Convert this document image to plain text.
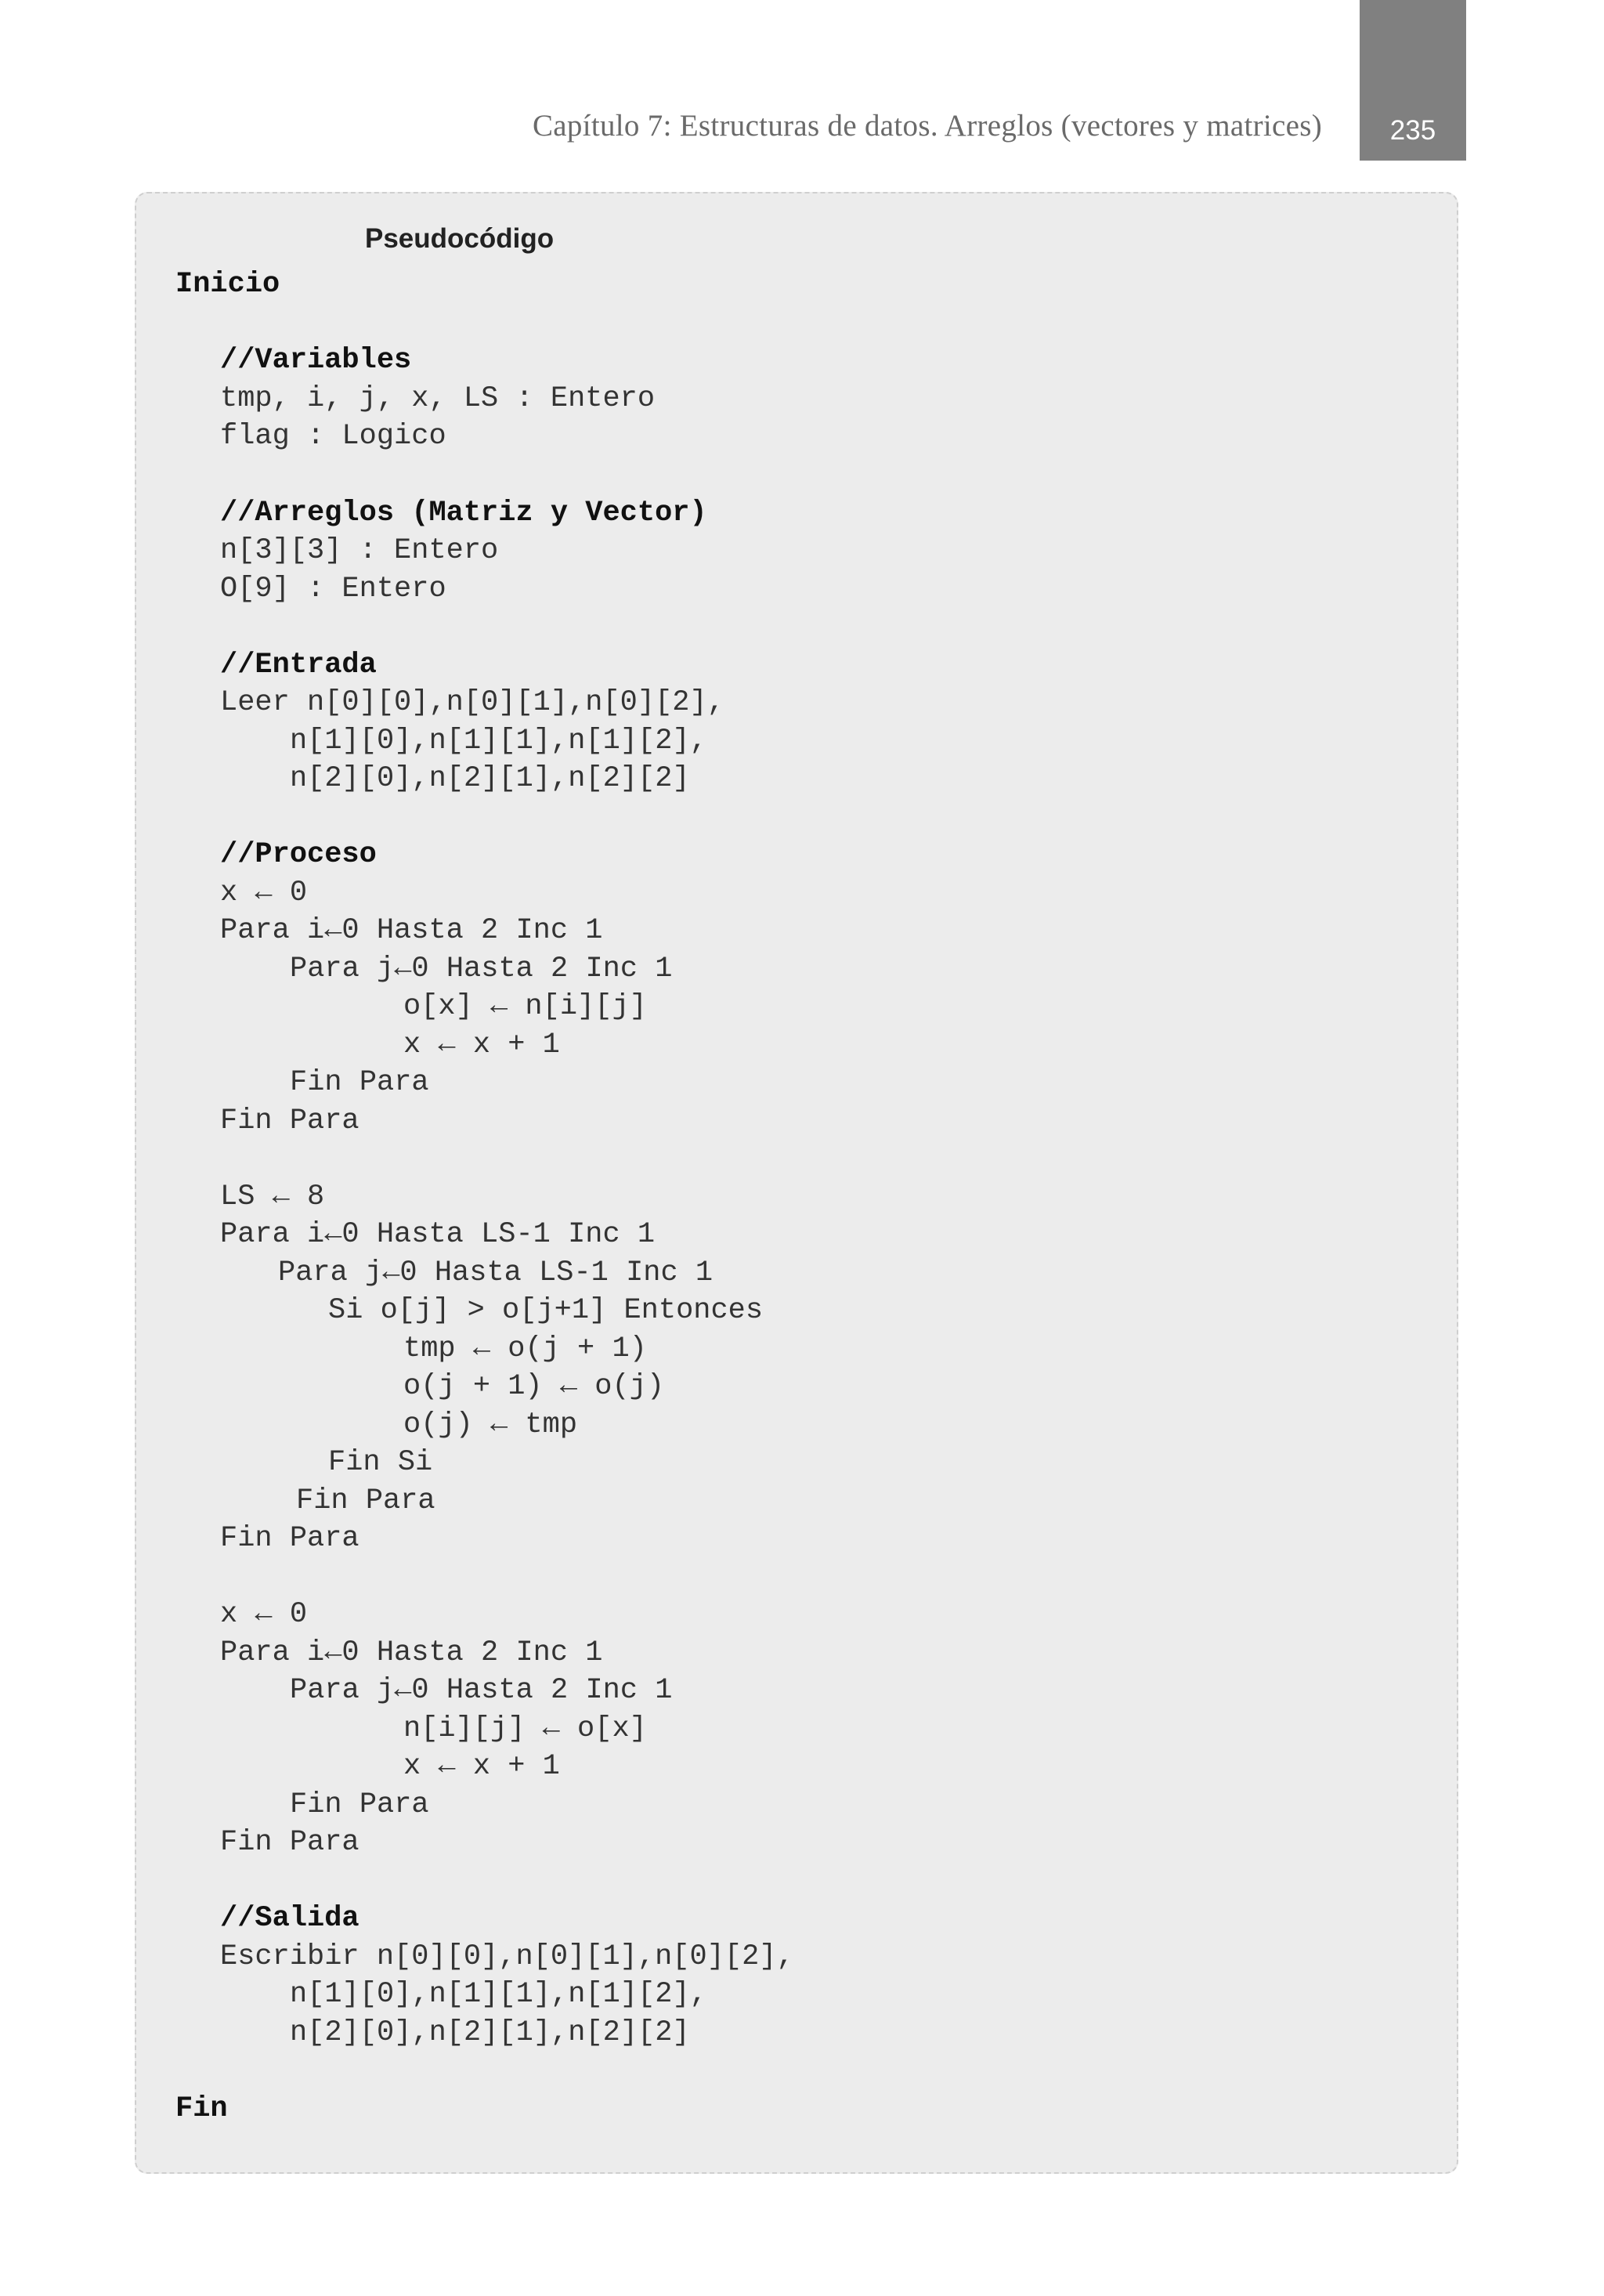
Capítulo 7: Estructuras de datos. Arreglos (vectores y matrices)	235
Pseudocódigo
Inicio
//Variables
tmp, i, j, x, LS : Entero
flag : Logico
//Arreglos (Matriz y Vector)
n[3][3] : Entero
O[9] : Entero
//Entrada
Leer n[0][0],n[0][1],n[0][2],
n[1][0],n[1][1],n[1][2],
n[2][0],n[2][1],n[2][2]
//Proceso
x ← 0
Para i←0 Hasta 2 Inc 1
Para j←0 Hasta 2 Inc 1
o[x] ← n[i][j]
x ← x + 1
Fin Para
Fin Para
LS ← 8
Para i←0 Hasta LS-1 Inc 1
Para j←0 Hasta LS-1 Inc 1
Si o[j] > o[j+1] Entonces
tmp ← o(j + 1)
o(j + 1) ← o(j)
o(j) ← tmp
Fin Si
Fin Para
Fin Para
x ← 0
Para i←0 Hasta 2 Inc 1
Para j←0 Hasta 2 Inc 1
n[i][j] ← o[x]
x ← x + 1
Fin Para
Fin Para
//Salida
Escribir n[0][0],n[0][1],n[0][2],
n[1][0],n[1][1],n[1][2],
n[2][0],n[2][1],n[2][2]
Fin
